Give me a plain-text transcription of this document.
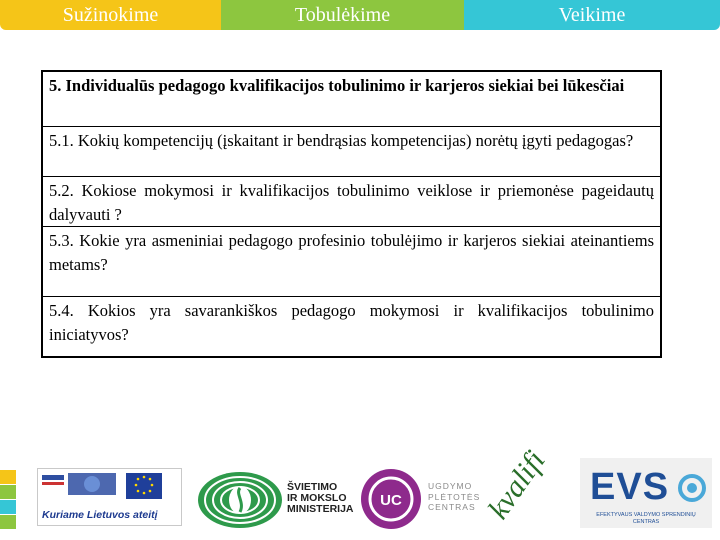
Sužinokime	Tobulėkime	Veikime
5. Individualūs pedagogo kvalifikacijos tobulinimo ir karjeros siekiai bei lūkesčiai
5.1. Kokių kompetencijų (įskaitant ir bendrąsias kompetencijas) norėtų įgyti pedagogas?
5.2. Kokiose mokymosi ir kvalifikacijos tobulinimo veiklose ir priemonėse pageidautų dalyvauti ?
5.3. Kokie yra asmeniniai pedagogo profesinio tobulėjimo ir karjeros siekiai ateinantiems metams?
5.4. Kokios yra savarankiškos pedagogo mokymosi ir kvalifikacijos tobulinimo iniciatyvos?
Kuriame Lietuvos ateitį
ŠVIETIMO
IR MOKSLO
MINISTERIJA UC
UGDYMO
PLĖTOTĖS
CENTRAS kvalifi EVS
EFEKTYVAUS VALDYMO SPRENDINIŲ CENTRAS
